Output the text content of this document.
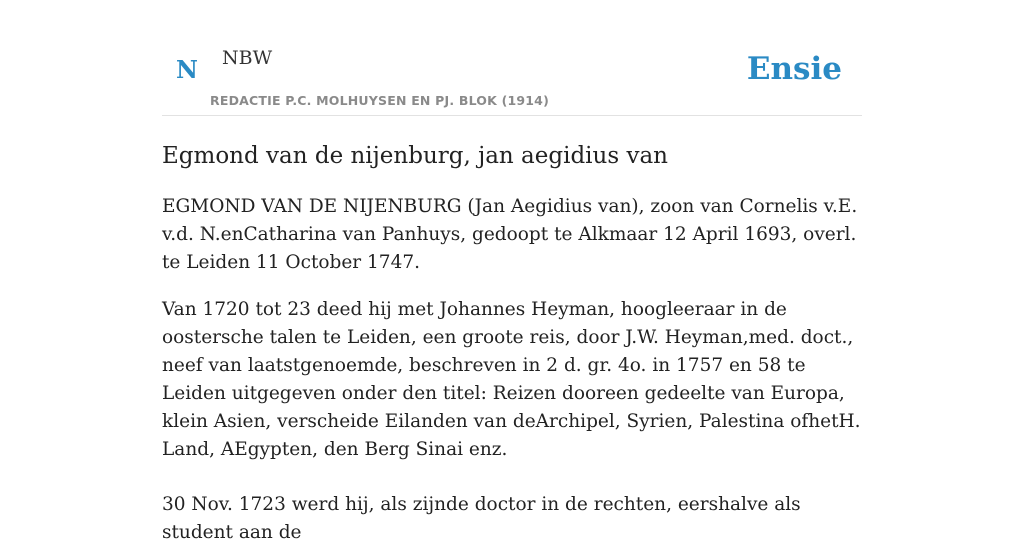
N NBW
REDACTIE P.C. MOLHUYSEN EN PJ. BLOK (1914)
Ensie
Egmond van de nijenburg, jan aegidius van

EGMOND VAN DE NIJENBURG (Jan Aegidius van), zoon van Cornelis v.E. v.d. N.enCatharina van Panhuys, gedoopt te Alkmaar 12 April 1693, overl. te Leiden 11 October 1747.

Van 1720 tot 23 deed hij met Johannes Heyman, hoogleeraar in de oostersche talen te Leiden, een groote reis, door J.W. Heyman,med. doct., neef van laatstgenoemde, beschreven in 2 d. gr. 4o. in 1757 en 58 te Leiden uitgegeven onder den titel: Reizen dooreen gedeelte van Europa, klein Asien, verscheide Eilanden van deArchipel, Syrien, Palestina ofhetH. Land, AEgypten, den Berg Sinai enz.

30 Nov. 1723 werd hij, als zijnde doctor in de rechten, eershalve als student aan de
